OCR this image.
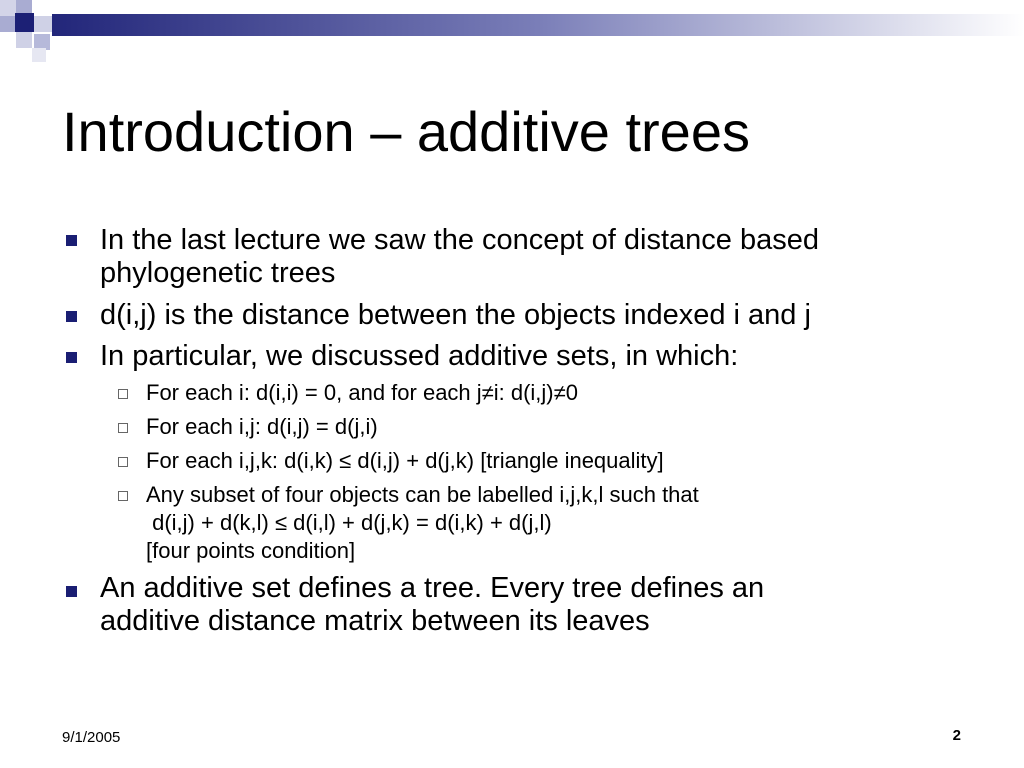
Introduction – additive trees
In the last lecture we saw the concept of distance based
phylogenetic trees
d(i,j) is the distance between the objects indexed i and j
In particular, we discussed additive sets, in which:
For each i: d(i,i) = 0, and for each j≠i: d(i,j)≠0
For each i,j: d(i,j) = d(j,i)
For each i,j,k: d(i,k) ≤ d(i,j) + d(j,k) [triangle inequality]
Any subset of four objects can be labelled i,j,k,l such that
d(i,j) + d(k,l) ≤ d(i,l) + d(j,k) = d(i,k) + d(j,l)
[four points condition]
An additive set defines a tree. Every tree defines an
additive distance matrix between its leaves
9/1/2005	2
